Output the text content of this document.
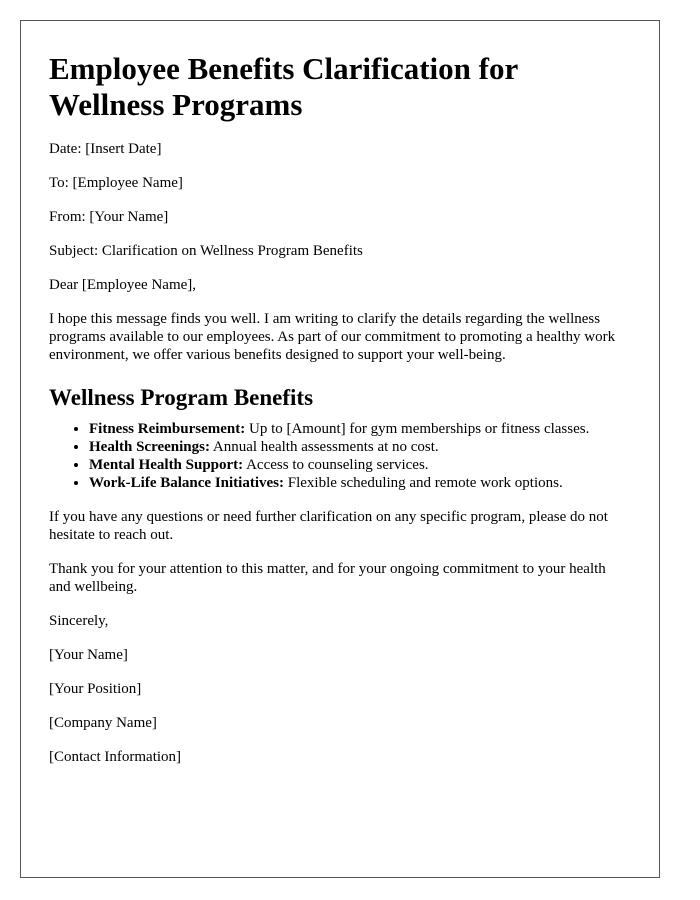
Employee Benefits Clarification for Wellness Programs

Date: [Insert Date]

To: [Employee Name]

From: [Your Name]

Subject: Clarification on Wellness Program Benefits

Dear [Employee Name],

I hope this message finds you well. I am writing to clarify the details regarding the wellness programs available to our employees. As part of our commitment to promoting a healthy work environment, we offer various benefits designed to support your well-being.

Wellness Program Benefits
• Fitness Reimbursement: Up to [Amount] for gym memberships or fitness classes.
• Health Screenings: Annual health assessments at no cost.
• Mental Health Support: Access to counseling services.
• Work-Life Balance Initiatives: Flexible scheduling and remote work options.

If you have any questions or need further clarification on any specific program, please do not hesitate to reach out.

Thank you for your attention to this matter, and for your ongoing commitment to your health and wellbeing.

Sincerely,

[Your Name]

[Your Position]

[Company Name]

[Contact Information]
